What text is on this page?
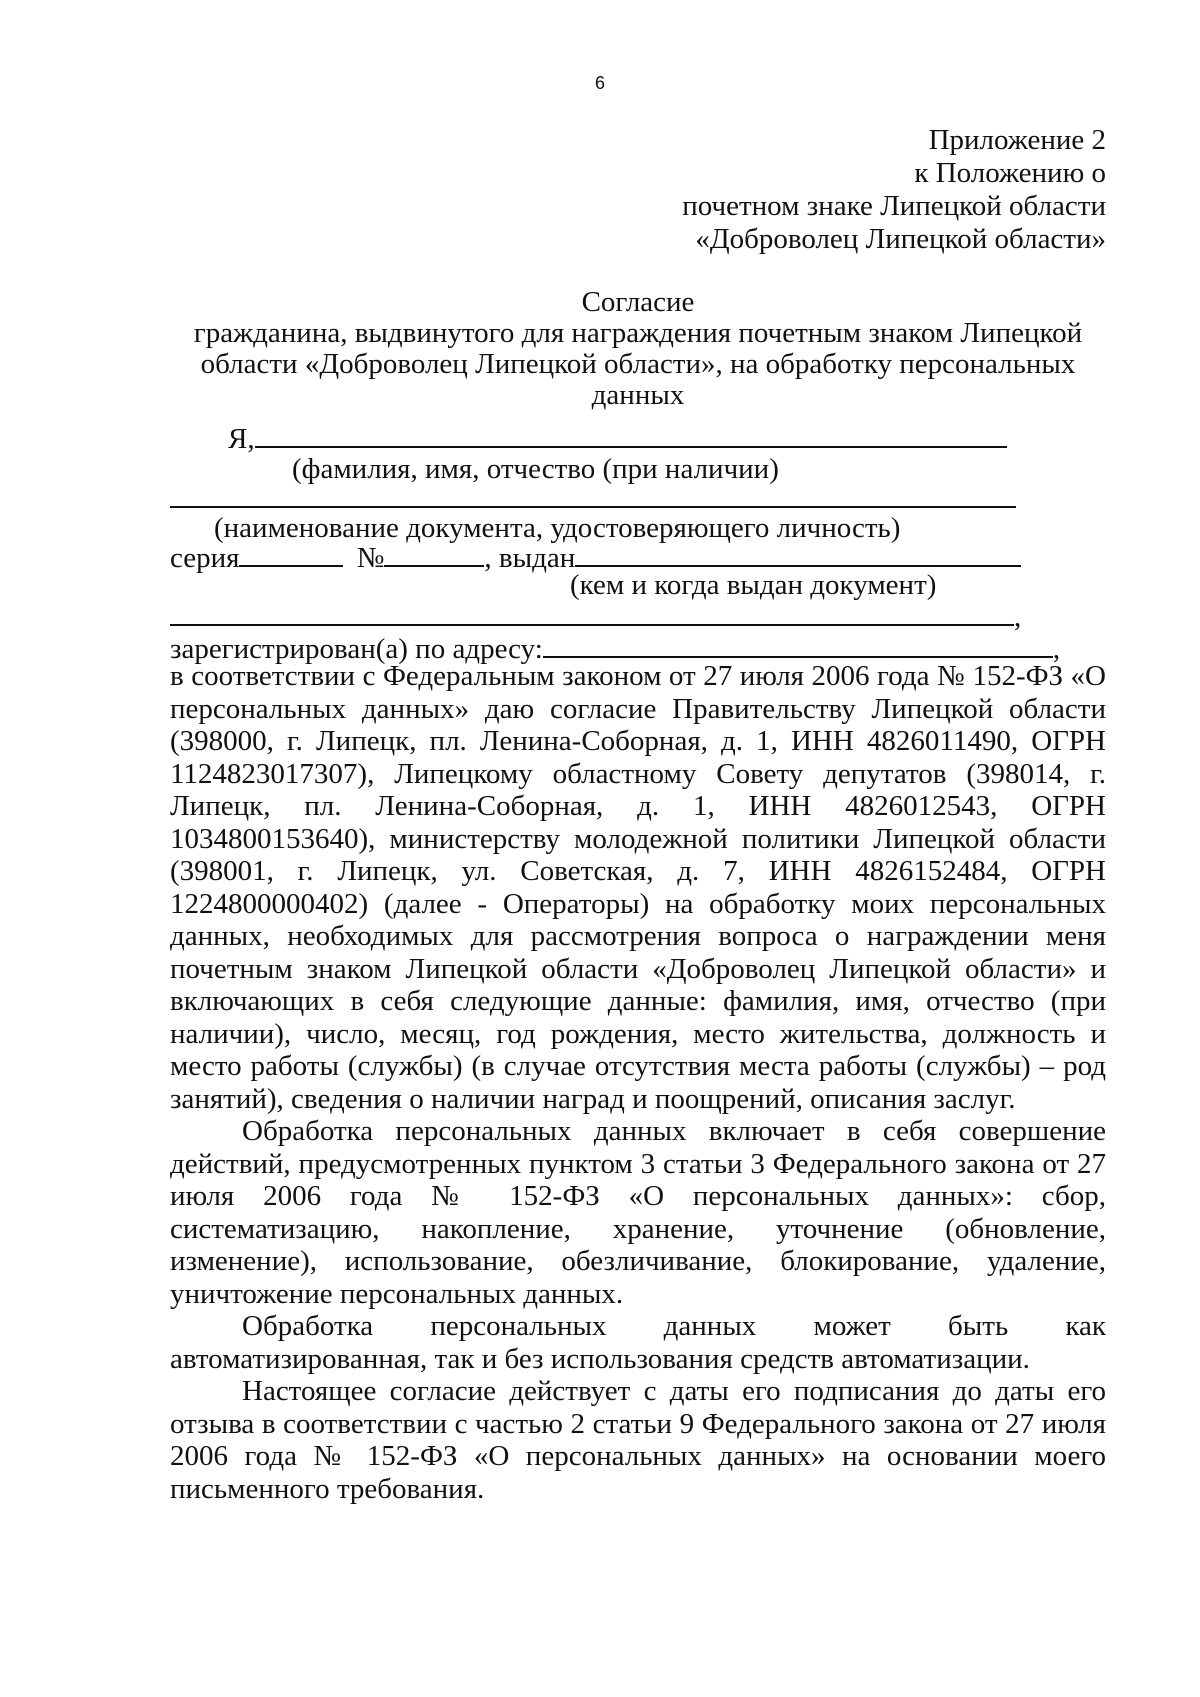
6
Приложение 2
к Положению о
почетном знаке Липецкой области
«Доброволец Липецкой области»
Согласие
гражданина, выдвинутого для награждения почетным знаком Липецкой
области «Доброволец Липецкой области», на обработку персональных
данных
Я,
(фамилия, имя, отчество (при наличии)
(наименование документа, удостоверяющего личность)
серия	№	, выдан
(кем и когда выдан документ)
,
зарегистрирован(а) по адресу:	,

в соответствии с Федеральным законом от 27 июля 2006 года № 152-ФЗ «О персональных данных» даю согласие Правительству Липецкой области (398000, г. Липецк, пл. Ленина-Соборная, д. 1, ИНН 4826011490, ОГРН 1124823017307), Липецкому областному Совету депутатов (398014, г. Липецк, пл. Ленина-Соборная, д. 1, ИНН 4826012543, ОГРН 1034800153640), министерству молодежной политики Липецкой области (398001, г. Липецк, ул. Советская, д. 7, ИНН 4826152484, ОГРН 1224800000402) (далее - Операторы) на обработку моих персональных данных, необходимых для рассмотрения вопроса о награждении меня почетным знаком Липецкой области «Доброволец Липецкой области» и включающих в себя следующие данные: фамилия, имя, отчество (при наличии), число, месяц, год рождения, место жительства, должность и место работы (службы) (в случае отсутствия места работы (службы) – род занятий), сведения о наличии наград и поощрений, описания заслуг.

Обработка персональных данных включает в себя совершение действий, предусмотренных пунктом 3 статьи 3 Федерального закона от 27 июля 2006 года № 152-ФЗ «О персональных данных»: сбор, систематизацию, накопление, хранение, уточнение (обновление, изменение), использование, обезличивание, блокирование, удаление, уничтожение персональных данных.

Обработка персональных данных может быть как автоматизированная, так и без использования средств автоматизации.

Настоящее согласие действует с даты его подписания до даты его отзыва в соответствии с частью 2 статьи 9 Федерального закона от 27 июля 2006 года № 152-ФЗ «О персональных данных» на основании моего письменного требования.
